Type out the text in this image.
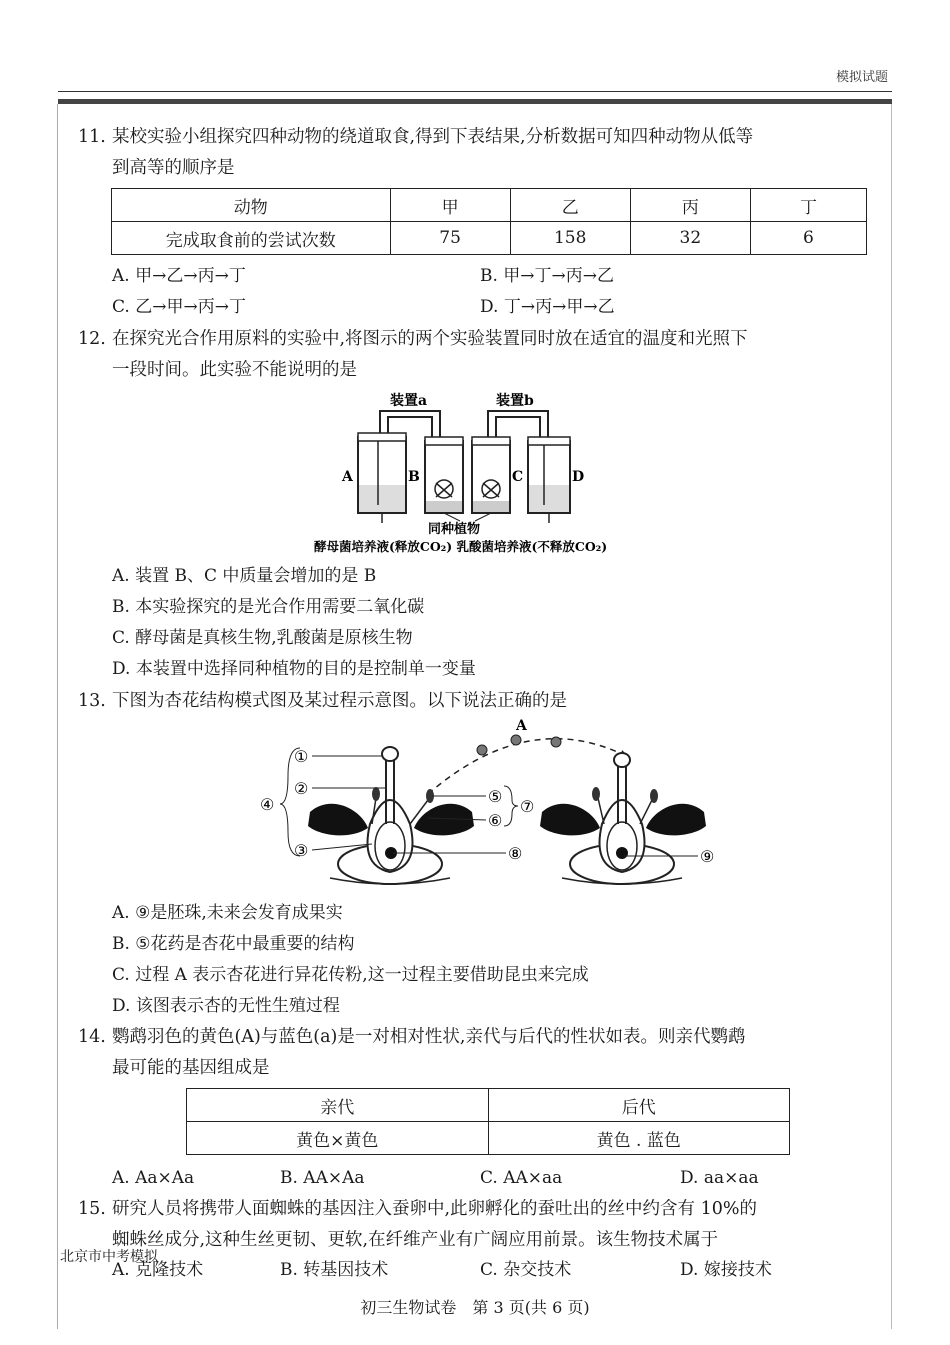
模拟试题
11. 某校实验小组探究四种动物的绕道取食,得到下表结果,分析数据可知四种动物从低等
到高等的顺序是
动物	甲	乙	丙	丁
完成取食前的尝试次数	75	158	32	6
A. 甲→乙→丙→丁	B. 甲→丁→丙→乙
C. 乙→甲→丙→丁	D. 丁→丙→甲→乙
12. 在探究光合作用原料的实验中,将图示的两个实验装置同时放在适宜的温度和光照下
一段时间。此实验不能说明的是
装置a	装置b
A	B	C	D
同种植物
酵母菌培养液(释放CO₂) 乳酸菌培养液(不释放CO₂)
A. 装置 B、C 中质量会增加的是 B
B. 本实验探究的是光合作用需要二氧化碳
C. 酵母菌是真核生物,乳酸菌是原核生物
D. 本装置中选择同种植物的目的是控制单一变量
13. 下图为杏花结构模式图及某过程示意图。以下说法正确的是
A
①
②
④
③
⑤
⑥
⑦
⑧	⑨
A. ⑨是胚珠,未来会发育成果实
B. ⑤花药是杏花中最重要的结构
C. 过程 A 表示杏花进行异花传粉,这一过程主要借助昆虫来完成
D. 该图表示杏的无性生殖过程
14. 鹦鹉羽色的黄色(A)与蓝色(a)是一对相对性状,亲代与后代的性状如表。则亲代鹦鹉
最可能的基因组成是
亲代	后代
黄色×黄色	黄色 . 蓝色
A. Aa×Aa	B. AA×Aa	C. AA×aa	D. aa×aa
15. 研究人员将携带人面蜘蛛的基因注入蚕卵中,此卵孵化的蚕吐出的丝中约含有 10%的
蜘蛛丝成分,这种生丝更韧、更软,在纤维产业有广阔应用前景。该生物技术属于
A. 克隆技术	B. 转基因技术	C. 杂交技术	D. 嫁接技术
北京市中考模拟
初三生物试卷　第 3 页(共 6 页)
